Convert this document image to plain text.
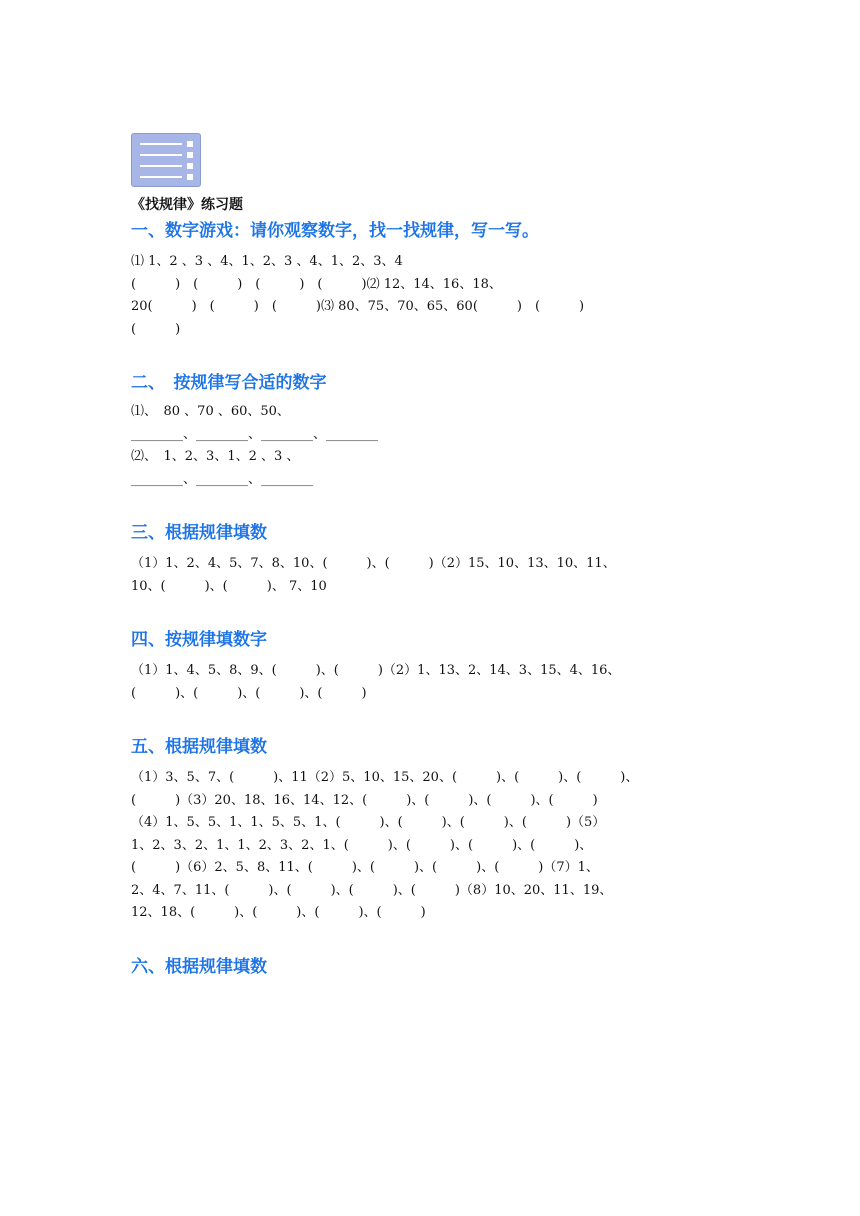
《找规律》练习题
一、数字游戏：请你观察数字，找一找规律，写一写。
⑴ 1、2 、3 、4、1、2、3 、4、1、2、3、4
(　　　)　(　　　)　(　　　)　(　　　)⑵ 12、14、16、18、
20(　　　)　(　　　)　(　　　)⑶ 80、75、70、65、60(　　　)　(　　　)
(　　　)
二、　按规律写合适的数字
⑴、　80 、70 、60、50、
________、________、________、________
⑵、　1、2、3、1、2 、3 、
________、________、________
三、根据规律填数
（1）1、2、4、5、7、8、10、(　　　)、(　　　)（2）15、10、13、10、11、
10、(　　　)、(　　　)、 7、10
四、按规律填数字
（1）1、4、5、8、9、(　　　)、(　　　)（2）1、13、2、14、3、15、4、16、
(　　　)、(　　　)、(　　　)、(　　　)
五、根据规律填数
（1）3、5、7、(　　　)、11（2）5、10、15、20、(　　　)、(　　　)、(　　　)、
(　　　)（3）20、18、16、14、12、(　　　)、(　　　)、(　　　)、(　　　)
（4）1、5、5、1、1、5、5、1、(　　　)、(　　　)、(　　　)、(　　　)（5）
1、2、3、2、1、1、2、3、2、1、(　　　)、(　　　)、(　　　)、(　　　)、
(　　　)（6）2、5、8、11、(　　　)、(　　　)、(　　　)、(　　　)（7）1、
2、4、7、11、(　　　)、(　　　)、(　　　)、(　　　)（8）10、20、11、19、
12、18、(　　　)、(　　　)、(　　　)、(　　　)
六、根据规律填数
